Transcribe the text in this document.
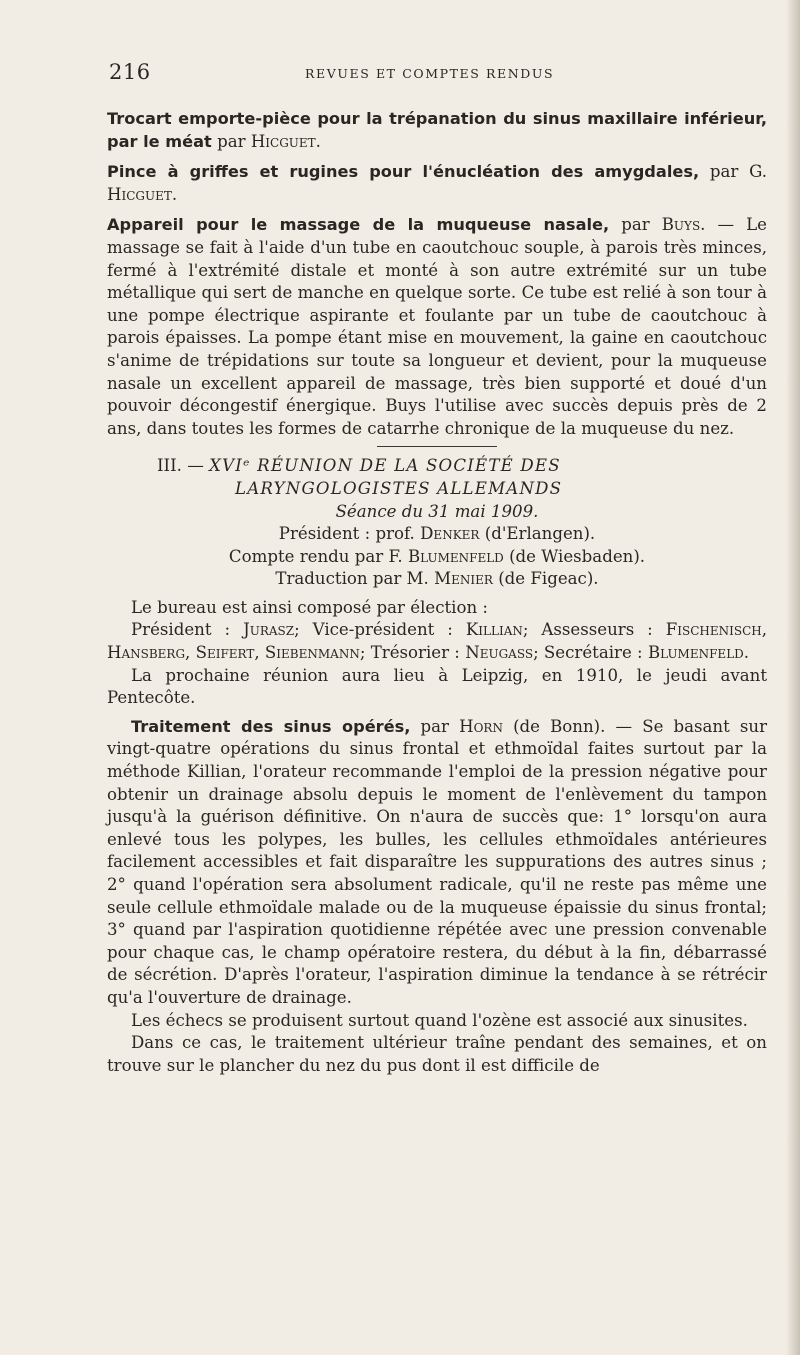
216	REVUES ET COMPTES RENDUS

Trocart emporte-pièce pour la trépanation du sinus maxillaire inférieur, par le méat par Hicguet.

Pince à griffes et rugines pour l'énucléation des amygdales, par G. Hicguet.

Appareil pour le massage de la muqueuse nasale, par Buys. — Le massage se fait à l'aide d'un tube en caoutchouc souple, à parois très minces, fermé à l'extrémité distale et monté à son autre extrémité sur un tube métallique qui sert de manche en quelque sorte. Ce tube est relié à son tour à une pompe électrique aspirante et foulante par un tube de caoutchouc à parois épaisses. La pompe étant mise en mouvement, la gaine en caoutchouc s'anime de trépidations sur toute sa longueur et devient, pour la muqueuse nasale un excellent appareil de massage, très bien supporté et doué d'un pouvoir décongestif énergique. Buys l'utilise avec succès depuis près de 2 ans, dans toutes les formes de catarrhe chronique de la muqueuse du nez.

III. — XVIᵉ RÉUNION DE LA SOCIÉTÉ DES

LARYNGOLOGISTES ALLEMANDS

Séance du 31 mai 1909.

Président : prof. Denker (d'Erlangen).

Compte rendu par F. Blumenfeld (de Wiesbaden).

Traduction par M. Menier (de Figeac).

Le bureau est ainsi composé par élection :

Président : Jurasz; Vice-président : Killian; Assesseurs : Fischenisch, Hansberg, Seifert, Siebenmann; Trésorier : Neugass; Secrétaire : Blumenfeld.

La prochaine réunion aura lieu à Leipzig, en 1910, le jeudi avant Pentecôte.

Traitement des sinus opérés, par Horn (de Bonn). — Se basant sur vingt-quatre opérations du sinus frontal et ethmoïdal faites surtout par la méthode Killian, l'orateur recommande l'emploi de la pression négative pour obtenir un drainage absolu depuis le moment de l'enlèvement du tampon jusqu'à la guérison définitive. On n'aura de succès que: 1° lorsqu'on aura enlevé tous les polypes, les bulles, les cellules ethmoïdales antérieures facilement accessibles et fait disparaître les suppurations des autres sinus ; 2° quand l'opération sera absolument radicale, qu'il ne reste pas même une seule cellule ethmoïdale malade ou de la muqueuse épaissie du sinus frontal; 3° quand par l'aspiration quotidienne répétée avec une pression convenable pour chaque cas, le champ opératoire restera, du début à la fin, débarrassé de sécrétion. D'après l'orateur, l'aspiration diminue la tendance à se rétrécir qu'a l'ouverture de drainage.

Les échecs se produisent surtout quand l'ozène est associé aux sinusites.

Dans ce cas, le traitement ultérieur traîne pendant des semaines, et on trouve sur le plancher du nez du pus dont il est difficile de
